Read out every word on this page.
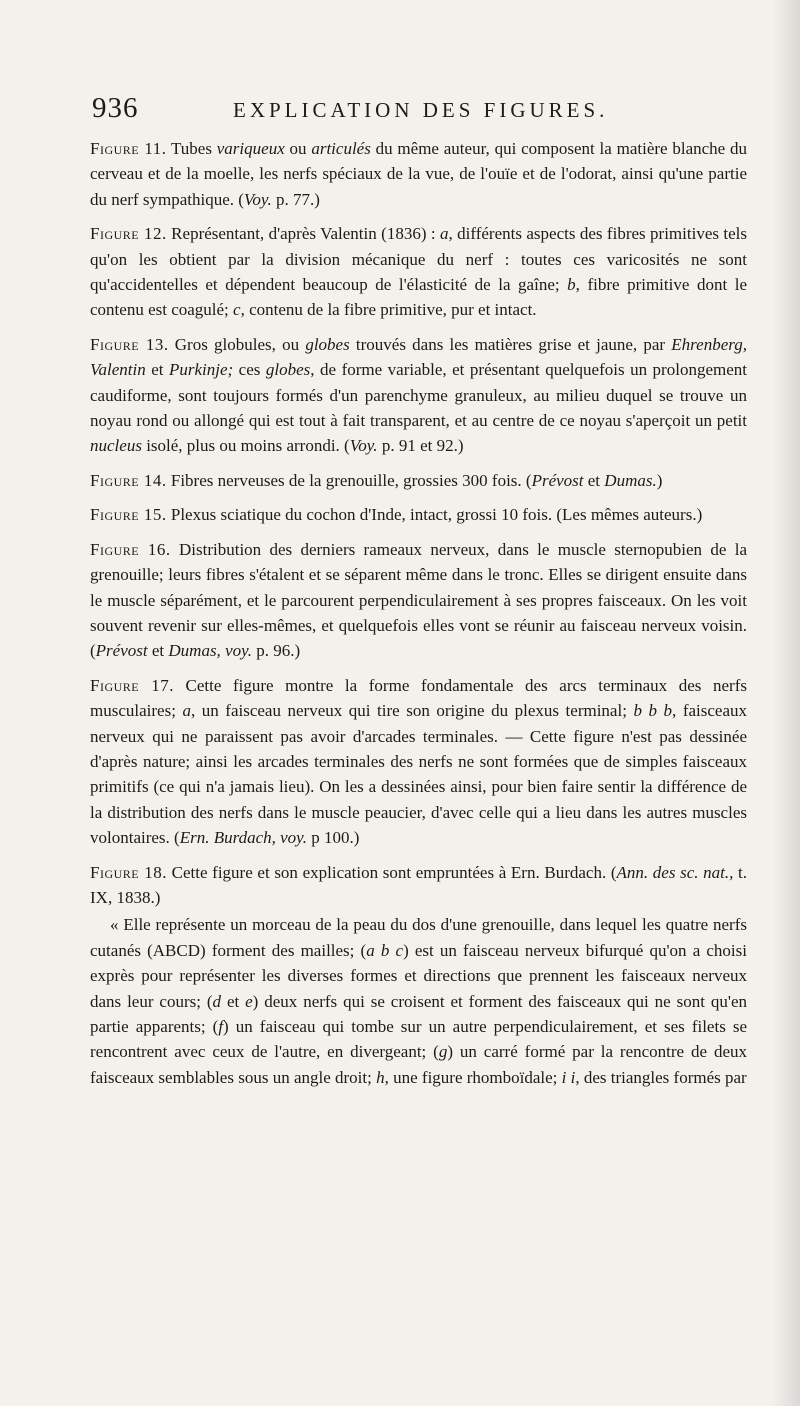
936	EXPLICATION DES FIGURES.

Figure 11. Tubes variqueux ou articulés du même auteur, qui composent la matière blanche du cerveau et de la moelle, les nerfs spéciaux de la vue, de l'ouïe et de l'odorat, ainsi qu'une partie du nerf sympathique. (Voy. p. 77.)

Figure 12. Représentant, d'après Valentin (1836) : a, différents aspects des fibres primitives tels qu'on les obtient par la division mécanique du nerf : toutes ces varicosités ne sont qu'accidentelles et dépendent beaucoup de l'élasticité de la gaîne; b, fibre primitive dont le contenu est coagulé; c, contenu de la fibre primitive, pur et intact.

Figure 13. Gros globules, ou globes trouvés dans les matières grise et jaune, par Ehrenberg, Valentin et Purkinje; ces globes, de forme variable, et présentant quelquefois un prolongement caudiforme, sont toujours formés d'un parenchyme granuleux, au milieu duquel se trouve un noyau rond ou allongé qui est tout à fait transparent, et au centre de ce noyau s'aperçoit un petit nucleus isolé, plus ou moins arrondi. (Voy. p. 91 et 92.)

Figure 14. Fibres nerveuses de la grenouille, grossies 300 fois. (Prévost et Dumas.)

Figure 15. Plexus sciatique du cochon d'Inde, intact, grossi 10 fois. (Les mêmes auteurs.)

Figure 16. Distribution des derniers rameaux nerveux, dans le muscle sternopubien de la grenouille; leurs fibres s'étalent et se séparent même dans le tronc. Elles se dirigent ensuite dans le muscle séparément, et le parcourent perpendiculairement à ses propres faisceaux. On les voit souvent revenir sur elles-mêmes, et quelquefois elles vont se réunir au faisceau nerveux voisin. (Prévost et Dumas, voy. p. 96.)

Figure 17. Cette figure montre la forme fondamentale des arcs terminaux des nerfs musculaires; a, un faisceau nerveux qui tire son origine du plexus terminal; b b b, faisceaux nerveux qui ne paraissent pas avoir d'arcades terminales. — Cette figure n'est pas dessinée d'après nature; ainsi les arcades terminales des nerfs ne sont formées que de simples faisceaux primitifs (ce qui n'a jamais lieu). On les a dessinées ainsi, pour bien faire sentir la différence de la distribution des nerfs dans le muscle peaucier, d'avec celle qui a lieu dans les autres muscles volontaires. (Ern. Burdach, voy. p 100.)

Figure 18. Cette figure et son explication sont empruntées à Ern. Burdach. (Ann. des sc. nat., t. IX, 1838.)

« Elle représente un morceau de la peau du dos d'une grenouille, dans lequel les quatre nerfs cutanés (ABCD) forment des mailles; (a b c) est un faisceau nerveux bifurqué qu'on a choisi exprès pour représenter les diverses formes et directions que prennent les faisceaux nerveux dans leur cours; (d et e) deux nerfs qui se croisent et forment des faisceaux qui ne sont qu'en partie apparents; (f) un faisceau qui tombe sur un autre perpendiculairement, et ses filets se rencontrent avec ceux de l'autre, en divergeant; (g) un carré formé par la rencontre de deux faisceaux semblables sous un angle droit; h, une figure rhomboïdale; i i, des triangles formés par
